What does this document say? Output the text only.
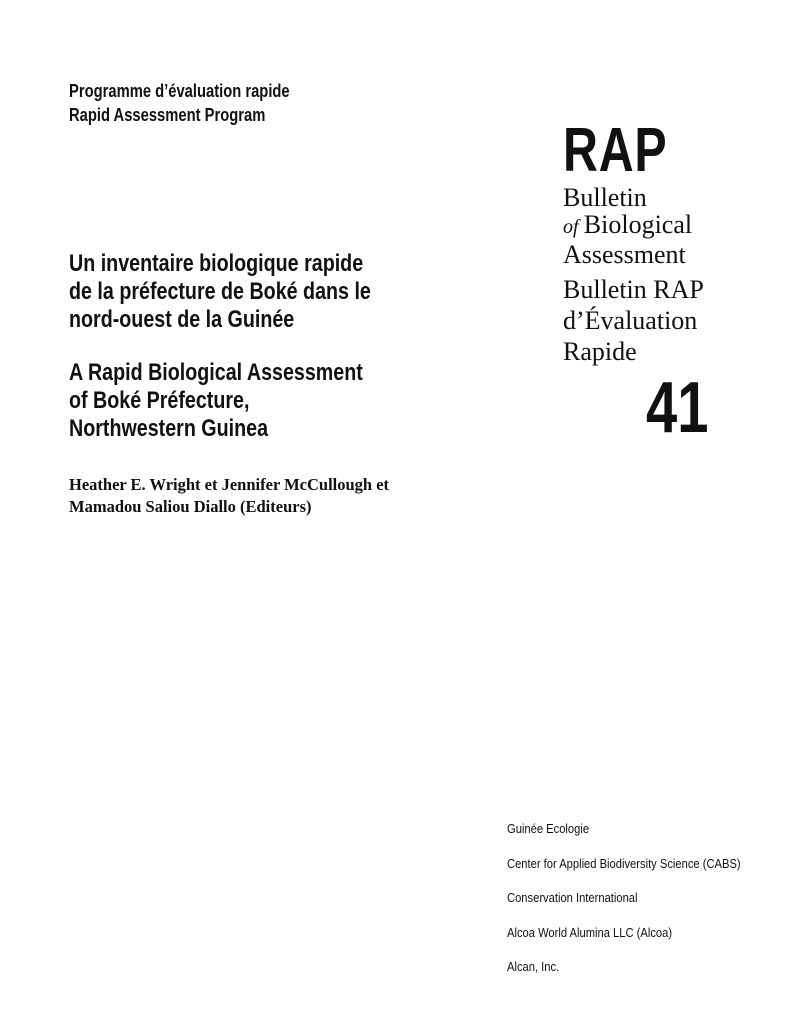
Programme d’évaluation rapide
Rapid Assessment Program
Un inventaire biologique rapide
de la préfecture de Boké dans le
nord-ouest de la Guinée
A Rapid Biological Assessment
of Boké Préfecture,
Northwestern Guinea
Heather E. Wright et Jennifer McCullough et
Mamadou Saliou Diallo (Editeurs)
RAP
Bulletin
of  Biological
Assessment
Bulletin RAP
d’Évaluation
Rapide
41
Guinée Ecologie
Center for Applied Biodiversity Science (CABS)
Conservation International
Alcoa World Alumina LLC (Alcoa)
Alcan, Inc.
